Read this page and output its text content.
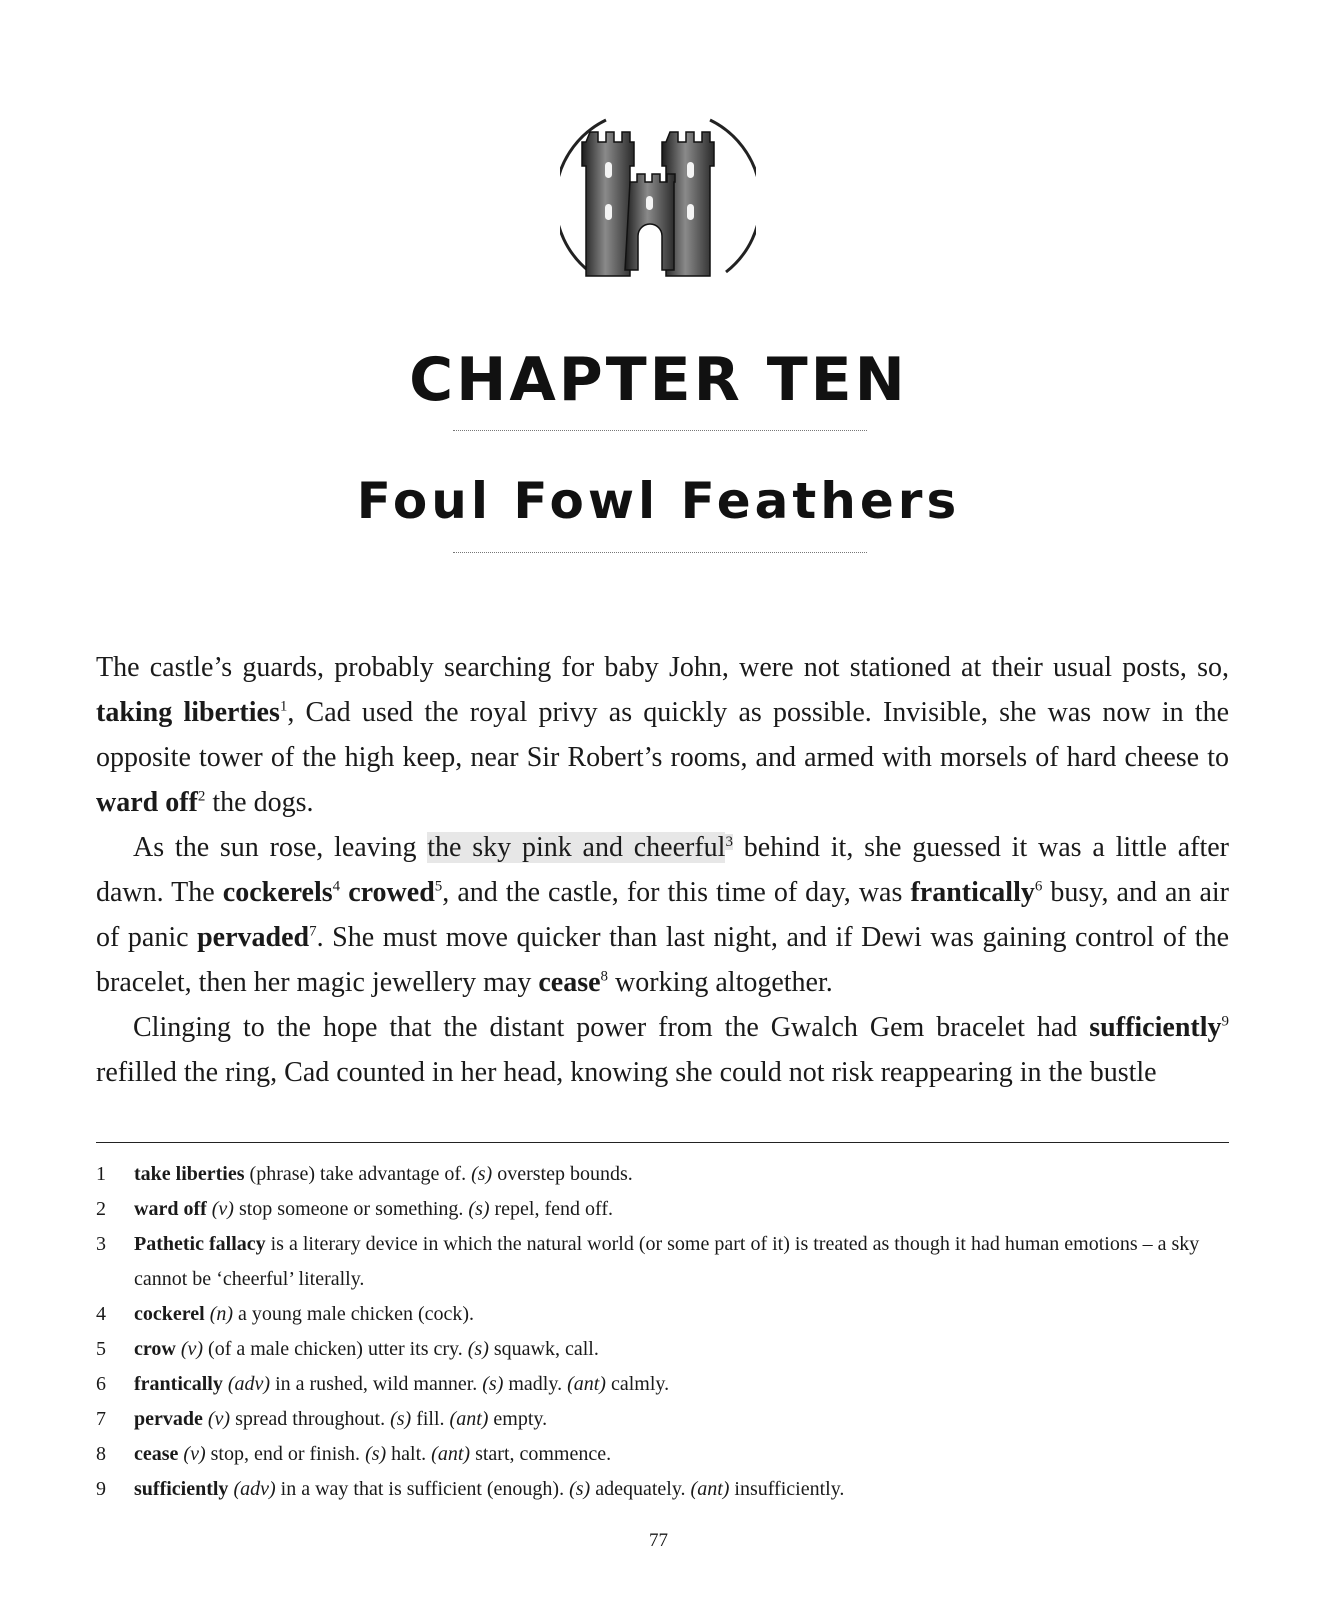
CHAPTER TEN
Foul Fowl Feathers

The castle’s guards, probably searching for baby John, were not stationed at their usual posts, so, taking liberties$^1$, Cad used the royal privy as quickly as possible. Invisible, she was now in the opposite tower of the high keep, near Sir Robert’s rooms, and armed with morsels of hard cheese to ward off$^2$ the dogs.

As the sun rose, leaving the sky pink and cheerful$^3$ behind it, she guessed it was a little after dawn. The cockerels$^4$ crowed$^5$, and the castle, for this time of day, was frantically$^6$ busy, and an air of panic pervaded$^7$. She must move quicker than last night, and if Dewi was gaining control of the bracelet, then her magic jewellery may cease$^8$ working altogether.

Clinging to the hope that the distant power from the Gwalch Gem bracelet had sufficiently$^9$ refilled the ring, Cad counted in her head, knowing she could not risk reappearing in the bustle

1 take liberties (phrase) take advantage of. (s) overstep bounds.
2 ward off (v) stop someone or something. (s) repel, fend off.
3 Pathetic fallacy is a literary device in which the natural world (or some part of it) is treated as though it had human emotions – a sky cannot be ‘cheerful’ literally.
4 cockerel (n) a young male chicken (cock).
5 crow (v) (of a male chicken) utter its cry. (s) squawk, call.
6 frantically (adv) in a rushed, wild manner. (s) madly. (ant) calmly.
7 pervade (v) spread throughout. (s) fill. (ant) empty.
8 cease (v) stop, end or finish. (s) halt. (ant) start, commence.
9 sufficiently (adv) in a way that is sufficient (enough). (s) adequately. (ant) insufficiently.
77
